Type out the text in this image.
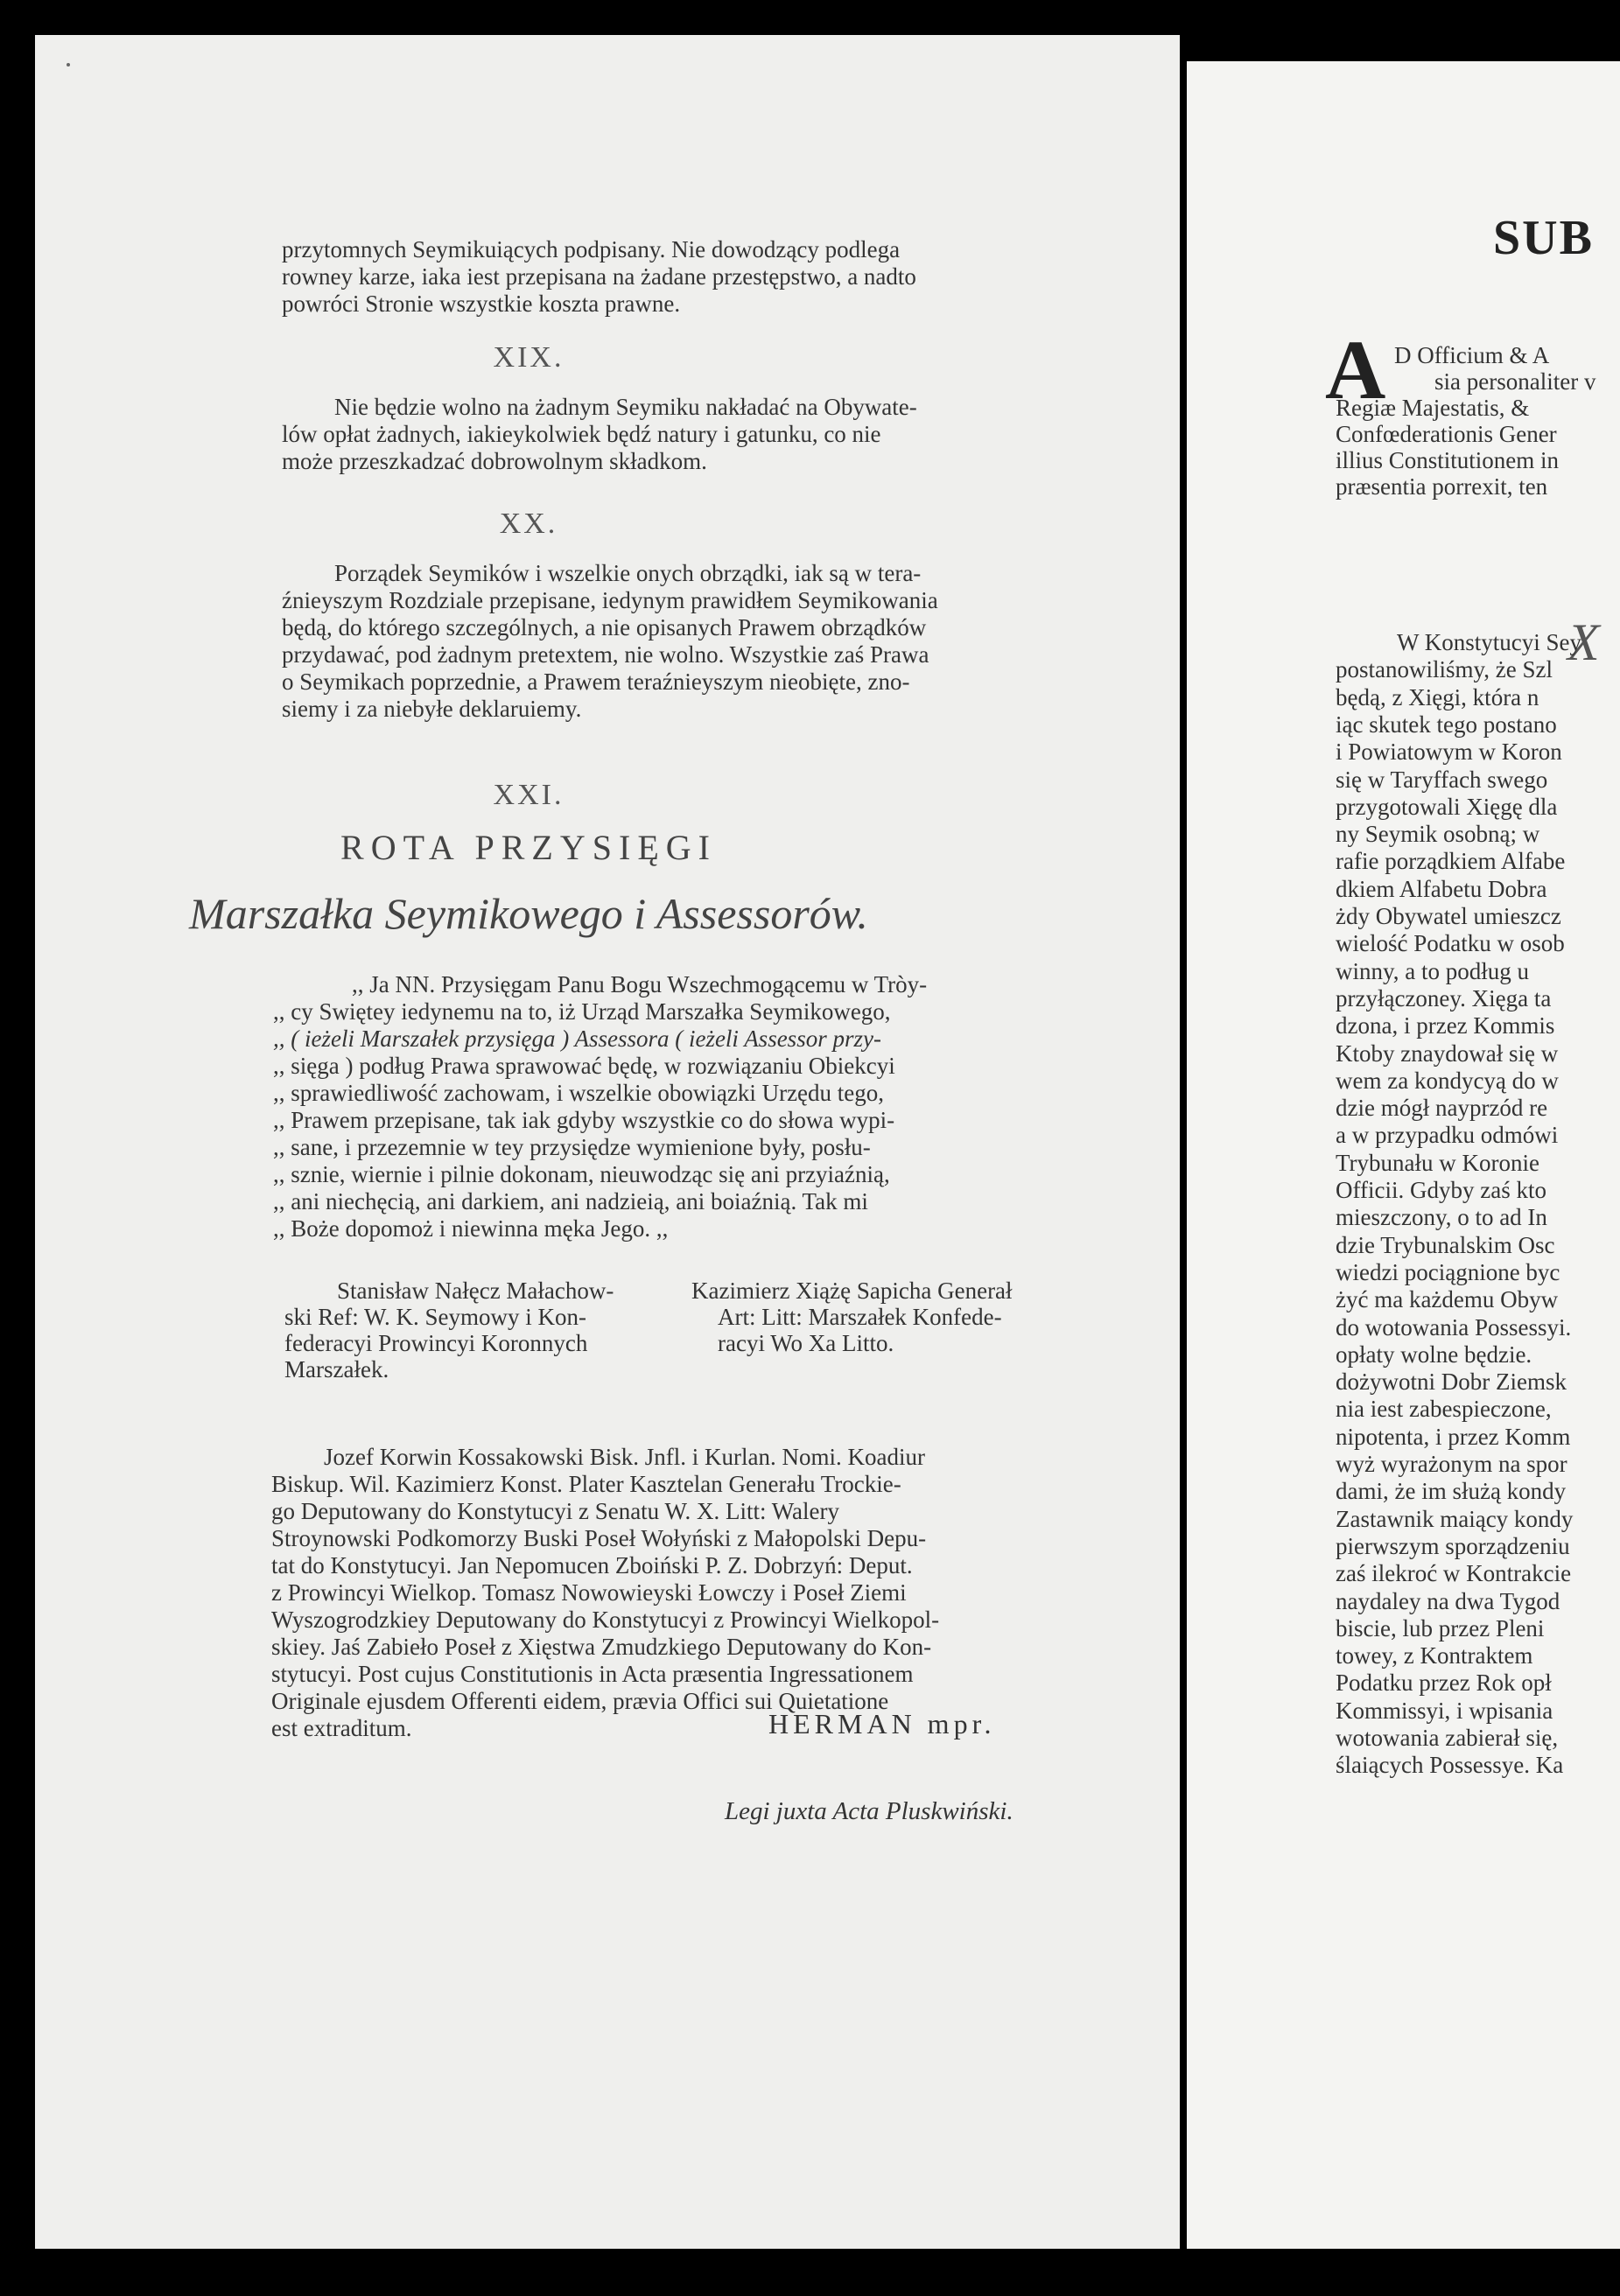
przytomnych Seymikuiących podpisany. Nie dowodzący podlega
rowney karze, iaka iest przepisana na żadane przestępstwo, a nadto
powróci Stronie wszystkie koszta prawne.
XIX.
Nie będzie wolno na żadnym Seymiku nakładać na Obywate-
lów opłat żadnych, iakieykolwiek będź natury i gatunku, co nie
może przeszkadzać dobrowolnym składkom.
XX.
Porządek Seymików i wszelkie onych obrządki, iak są w tera-
źnieyszym Rozdziale przepisane, iedynym prawidłem Seymikowania
będą, do którego szczególnych, a nie opisanych Prawem obrządków
przydawać, pod żadnym pretextem, nie wolno. Wszystkie zaś Prawa
o Seymikach poprzednie, a Prawem teraźnieyszym nieobięte, zno-
siemy i za niebyłe deklaruiemy.
XXI.
ROTA PRZYSIĘGI
Marszałka Seymikowego i Assessorów.
,, Ja NN. Przysięgam Panu Bogu Wszechmogącemu w Tròy-
,, cy Swiętey iedynemu na to, iż Urząd Marszałka Seymikowego,
,, ( ieżeli Marszałek przysięga ) Assessora ( ieżeli Assessor przy-
,, sięga ) podług Prawa sprawować będę, w rozwiązaniu Obiekcyi
,, sprawiedliwość zachowam, i wszelkie obowiązki Urzędu tego,
,, Prawem przepisane, tak iak gdyby wszystkie co do słowa wypi-
,, sane, i przezemnie w tey przysiędze wymienione były, posłu-
,, sznie, wiernie i pilnie dokonam, nieuwodząc się ani przyiaźnią,
,, ani niechęcią, ani darkiem, ani nadzieią, ani boiaźnią. Tak mi
,, Boże dopomoż i niewinna męka Jego. ,,
Stanisław Nałęcz Małachow-
ski Ref: W. K. Seymowy i Kon-
federacyi Prowincyi Koronnych
Marszałek.
Kazimierz Xiążę Sapicha Generał
Art: Litt: Marszałek Konfede-
racyi Wo Xa Litto.
Jozef Korwin Kossakowski Bisk. Jnfl. i Kurlan. Nomi. Koadiur
Biskup. Wil. Kazimierz Konst. Plater Kasztelan Generału Trockie-
go Deputowany do Konstytucyi z Senatu W. X. Litt: Walery
Stroynowski Podkomorzy Buski Poseł Wołyński z Małopolski Depu-
tat do Konstytucyi. Jan Nepomucen Zboiński P. Z. Dobrzyń: Deput.
z Prowincyi Wielkop. Tomasz Nowowieyski Łowczy i Poseł Ziemi
Wyszogrodzkiey Deputowany do Konstytucyi z Prowincyi Wielkopol-
skiey. Jaś Zabieło Poseł z Xięstwa Zmudzkiego Deputowany do Kon-
stytucyi. Post cujus Constitutionis in Acta præsentia Ingressationem
Originale ejusdem Offerenti eidem, prævia Offici sui Quietatione
est extraditum.	HERMAN mpr.
Legi juxta Acta Pluskwiński.
SUB
A D Officium & A
sia personaliter v
Regiæ Majestatis, &
Confœderationis Gener
illius Constitutionem in
præsentia porrexit, ten
X
W Konstytucyi Sey
postanowiliśmy, że Szl
będą, z Xięgi, która n
iąc skutek tego postano
i Powiatowym w Koron
się w Taryffach swego
przygotowali Xięgę dla
ny Seymik osobną; w
rafie porządkiem Alfabe
dkiem Alfabetu Dobra
żdy Obywatel umieszcz
wielość Podatku w osob
winny, a to podług u
przyłączoney. Xięga ta
dzona, i przez Kommis
Ktoby znaydował się w
wem za kondycyą do w
dzie mógł nayprzód re
a w przypadku odmówi
Trybunału w Koronie
Officii. Gdyby zaś kto
mieszczony, o to ad In
dzie Trybunalskim Osc
wiedzi pociągnione byc
żyć ma każdemu Obyw
do wotowania Possessyi.
opłaty wolne będzie.
dożywotni Dobr Ziemsk
nia iest zabespieczone,
nipotenta, i przez Komm
wyż wyrażonym na spor
dami, że im służą kondy
Zastawnik maiący kondy
pierwszym sporządzeniu
zaś ilekroć w Kontrakcie
naydaley na dwa Tygod
biscie, lub przez Pleni
towey, z Kontraktem
Podatku przez Rok opł
Kommissyi, i wpisania
wotowania zabierał się,
ślaiących Possessye. Ka
